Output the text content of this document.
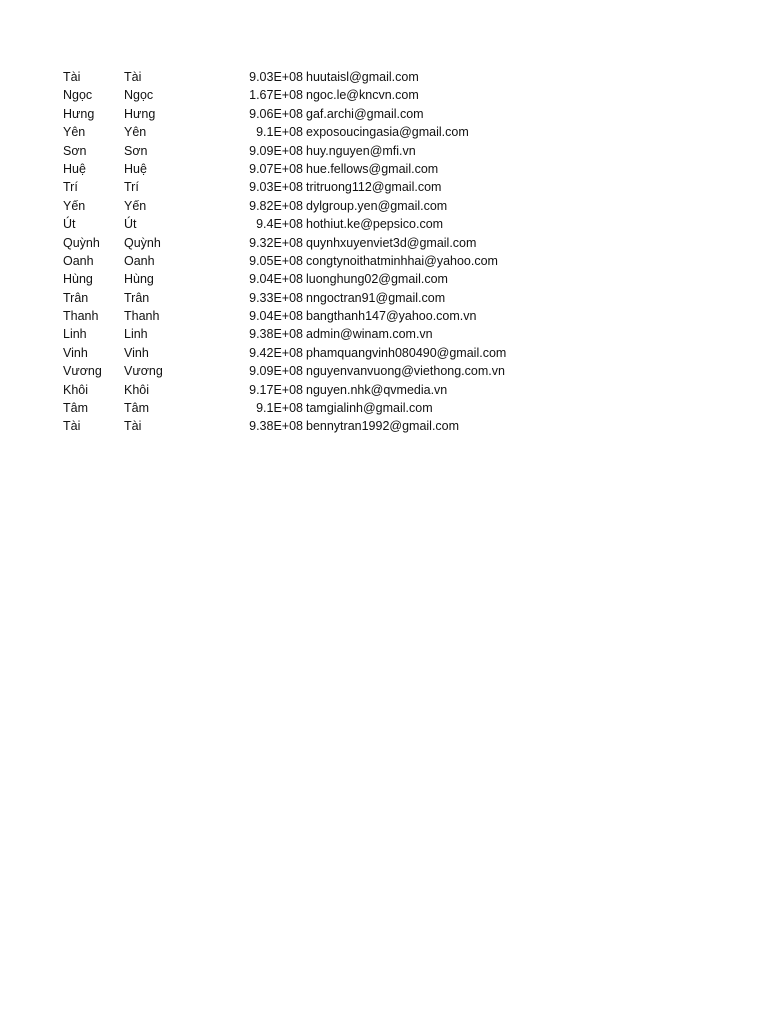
Tài	Tài	9.03E+08 huutaisl@gmail.com
Ngọc	Ngọc	1.67E+08 ngoc.le@kncvn.com
Hưng	Hưng	9.06E+08 gaf.archi@gmail.com
Yên	Yên	9.1E+08 exposoucingasia@gmail.com
Sơn	Sơn	9.09E+08 huy.nguyen@mfi.vn
Huệ	Huệ	9.07E+08 hue.fellows@gmail.com
Trí	Trí	9.03E+08 tritruong112@gmail.com
Yến	Yến	9.82E+08 dylgroup.yen@gmail.com
Út	Út	9.4E+08 hothiut.ke@pepsico.com
Quỳnh	Quỳnh	9.32E+08 quynhxuyenviet3d@gmail.com
Oanh	Oanh	9.05E+08 congtynoithatminhhai@yahoo.com
Hùng	Hùng	9.04E+08 luonghung02@gmail.com
Trân	Trân	9.33E+08 nngoctran91@gmail.com
Thanh	Thanh	9.04E+08 bangthanh147@yahoo.com.vn
Linh	Linh	9.38E+08 admin@winam.com.vn
Vinh	Vinh	9.42E+08 phamquangvinh080490@gmail.com
Vương	Vương	9.09E+08 nguyenvanvuong@viethong.com.vn
Khôi	Khôi	9.17E+08 nguyen.nhk@qvmedia.vn
Tâm	Tâm	9.1E+08 tamgialinh@gmail.com
Tài	Tài	9.38E+08 bennytran1992@gmail.com
